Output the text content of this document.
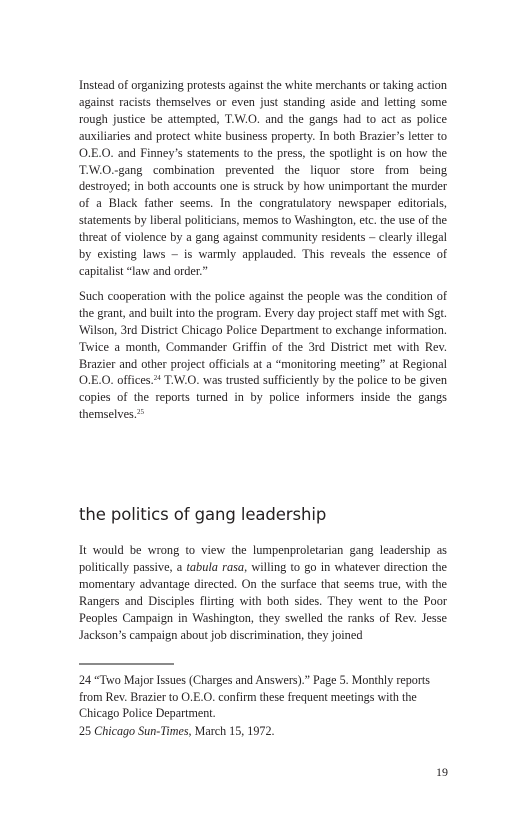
Instead of organizing protests against the white merchants or taking action against racists themselves or even just standing aside and letting some rough justice be attempted, T.W.O. and the gangs had to act as police auxiliaries and protect white business property. In both Brazier’s letter to O.E.O. and Finney’s statements to the press, the spotlight is on how the T.W.O.-gang combination prevented the liquor store from being destroyed; in both accounts one is struck by how unimportant the murder of a Black father seems. In the congratulatory newspaper editorials, statements by liberal politicians, memos to Washington, etc. the use of the threat of violence by a gang against community residents – clearly illegal by existing laws – is warmly applauded. This reveals the essence of capitalist “law and order.”

Such cooperation with the police against the people was the condition of the grant, and built into the program. Every day project staff met with Sgt. Wilson, 3rd District Chicago Police Department to exchange information. Twice a month, Commander Griffin of the 3rd District met with Rev. Brazier and other project officials at a “monitoring meeting” at Regional O.E.O. offices.$^{24}$ T.W.O. was trusted sufficiently by the police to be given copies of the reports turned in by police informers inside the gangs themselves.$^{25}$

the politics of gang leadership

It would be wrong to view the lumpenproletarian gang leadership as politically passive, a tabula rasa, willing to go in whatever direction the momentary advantage directed. On the surface that seems true, with the Rangers and Disciples flirting with both sides. They went to the Poor Peoples Campaign in Washington, they swelled the ranks of Rev. Jesse Jackson’s campaign about job discrimination, they joined

24 “Two Major Issues (Charges and Answers).” Page 5. Monthly reports from Rev. Brazier to O.E.O. confirm these frequent meetings with the Chicago Police Department.

25 Chicago Sun-Times, March 15, 1972.

19
